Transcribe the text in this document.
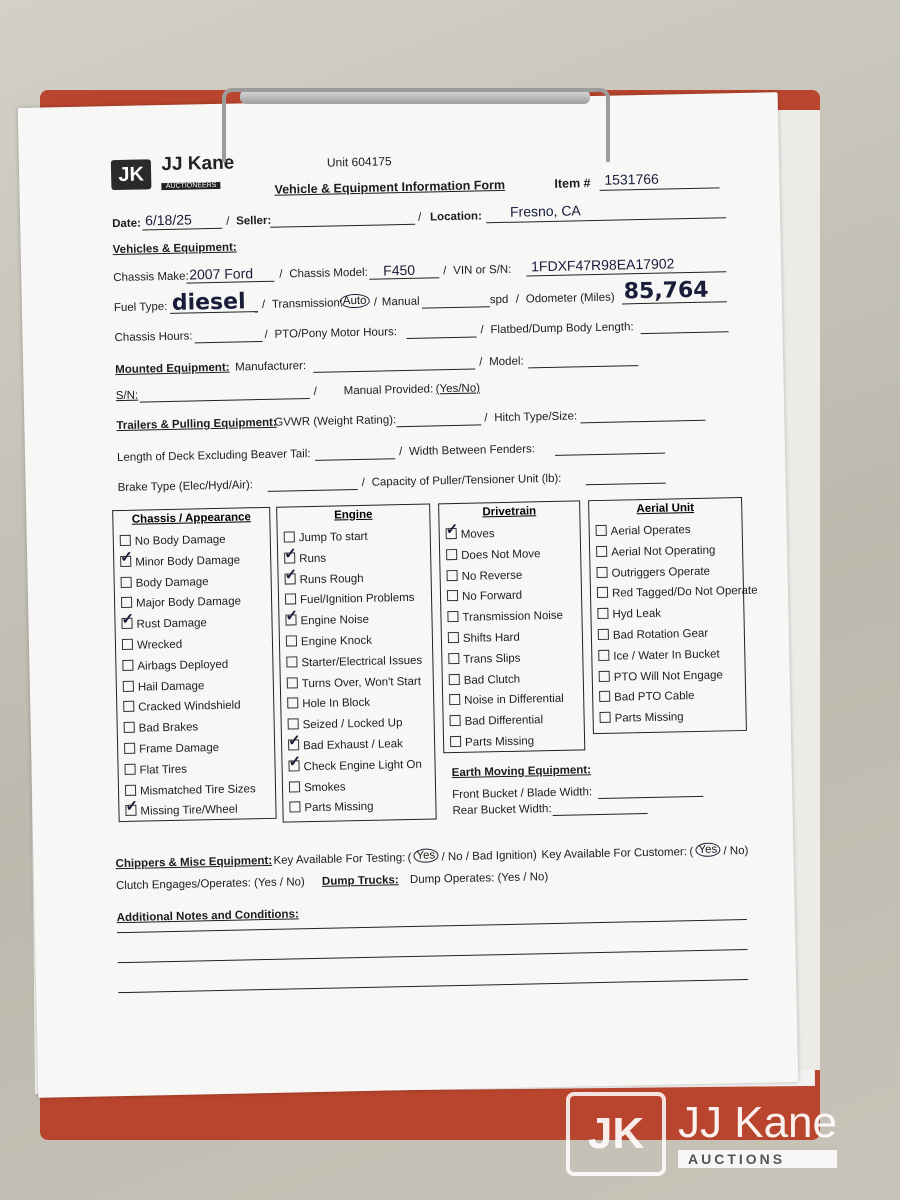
JK JJ Kane
AUCTIONEERS
Unit 604175
Vehicle & Equipment Information Form	Item # 1531766
Date: 6/18/25	/ Seller:	/ Location: Fresno, CA
Vehicles & Equipment:
Chassis Make: 2007 Ford / Chassis Model: F450 / VIN or S/N: 1FDXF47R98EA17902
Fuel Type: diesel / Transmission: Auto / Manual	spd / Odometer (Miles) 85,764
Chassis Hours:	/ PTO/Pony Motor Hours:	/ Flatbed/Dump Body Length:
Mounted Equipment: Manufacturer:	/ Model:
S/N:	/ Manual Provided: (Yes/No)
Trailers & Pulling Equipment:
GVWR (Weight Rating):	/ Hitch Type/Size:
Length of Deck Excluding Beaver Tail:	/ Width Between Fenders:
Brake Type (Elec/Hyd/Air):	/ Capacity of Puller/Tensioner Unit (lb):
Chassis / Appearance
No Body Damage
✓Minor Body Damage
Body Damage
Major Body Damage
✓Rust Damage
Wrecked
Airbags Deployed
Hail Damage
Cracked Windshield
Bad Brakes
Frame Damage
Flat Tires
Mismatched Tire Sizes
✓Missing Tire/Wheel
Engine
Jump To start
✓Runs
✓Runs Rough
Fuel/Ignition Problems
✓Engine Noise
Engine Knock
Starter/Electrical Issues
Turns Over, Won't Start
Hole In Block
Seized / Locked Up
✓Bad Exhaust / Leak
✓Check Engine Light On
Smokes
Parts Missing
Drivetrain
✓Moves
Does Not Move
No Reverse
No Forward
Transmission Noise
Shifts Hard
Trans Slips
Bad Clutch
Noise in Differential
Bad Differential
Parts Missing
Aerial Unit
Aerial Operates
Aerial Not Operating
Outriggers Operate
Red Tagged/Do Not Operate
Hyd Leak
Bad Rotation Gear
Ice / Water In Bucket
PTO Will Not Engage
Bad PTO Cable
Parts Missing
Earth Moving Equipment:
Front Bucket / Blade Width:
Rear Bucket Width:
Chippers & Misc Equipment: Key Available For Testing: ( Yes / No / Bad Ignition) Key Available For Customer: ( Yes / No)
Clutch Engages/Operates: (Yes / No) Dump Trucks: Dump Operates: (Yes / No)
Additional Notes and Conditions:
JK JJ Kane
AUCTIONS
